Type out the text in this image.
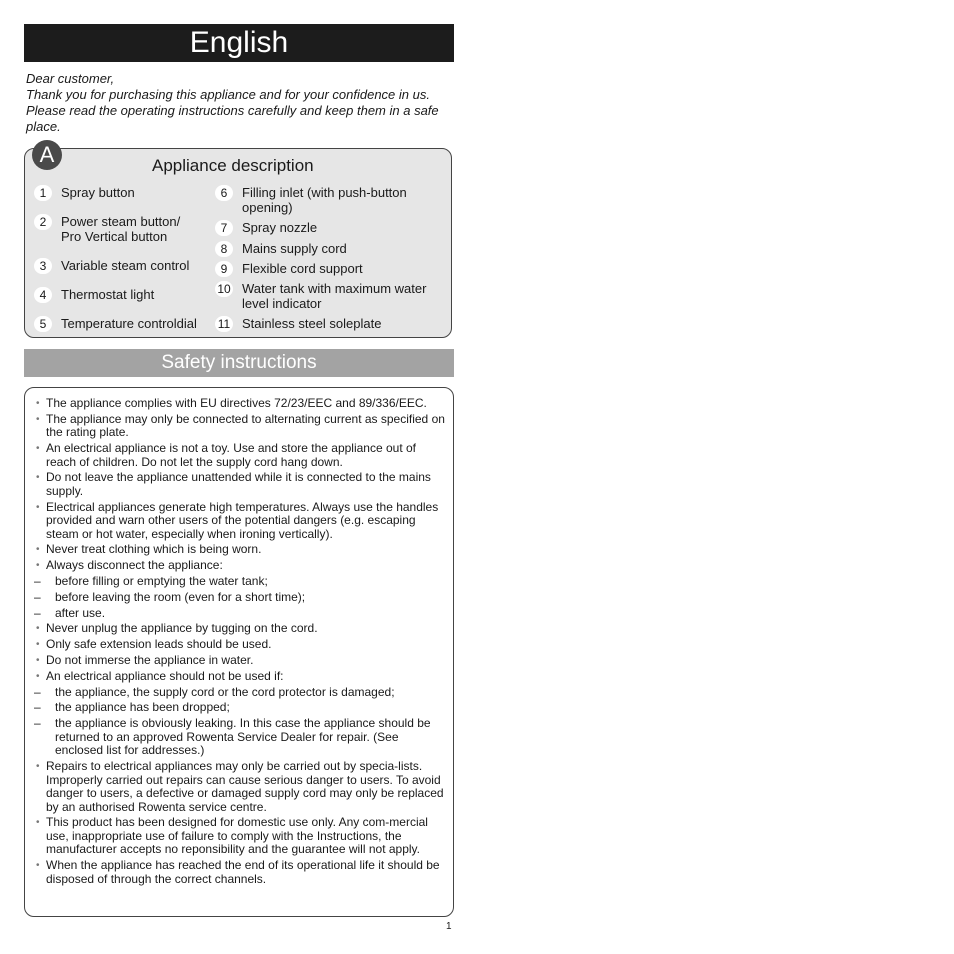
English
Dear customer,
Thank you for purchasing this appliance and for your confidence in us. Please read the operating instructions carefully and keep them in a safe place.
A	Appliance description
1	Spray button
2	Power steam button/ Pro Vertical button
3	Variable steam control
4	Thermostat light
5	Temperature controldial
6	Filling inlet (with push-button opening)
7	Spray nozzle
8	Mains supply cord
9	Flexible cord support
10 Water tank with maximum water level indicator
11 Stainless steel soleplate
Safety instructions
• The appliance complies with EU directives 72/23/EEC and 89/336/EEC.
• The appliance may only be connected to alternating current as specified on the rating plate.
• An electrical appliance is not a toy. Use and store the appliance out of reach of children. Do not let the supply cord hang down.
• Do not leave the appliance unattended while it is connected to the mains supply.
• Electrical appliances generate high temperatures. Always use the handles provided and warn other users of the potential dangers (e.g. escaping steam or hot water, especially when ironing vertically).
• Never treat clothing which is being worn.
• Always disconnect the appliance:
– before filling or emptying the water tank;
– before leaving the room (even for a short time);
– after use.
• Never unplug the appliance by tugging on the cord.
• Only safe extension leads should be used.
• Do not immerse the appliance in water.
• An electrical appliance should not be used if:
– the appliance, the supply cord or the cord protector is damaged;
– the appliance has been dropped;
– the appliance is obviously leaking. In this case the appliance should be returned to an approved Rowenta Service Dealer for repair. (See enclosed list for addresses.)
• Repairs to electrical appliances may only be carried out by specia-lists. Improperly carried out repairs can cause serious danger to users. To avoid danger to users, a defective or damaged supply cord may only be replaced by an authorised Rowenta service centre.
• This product has been designed for domestic use only. Any com-mercial use, inappropriate use of failure to comply with the Instructions, the manufacturer accepts no reponsibility and the guarantee will not apply.
• When the appliance has reached the end of its operational life it should be disposed of through the correct channels.
1
